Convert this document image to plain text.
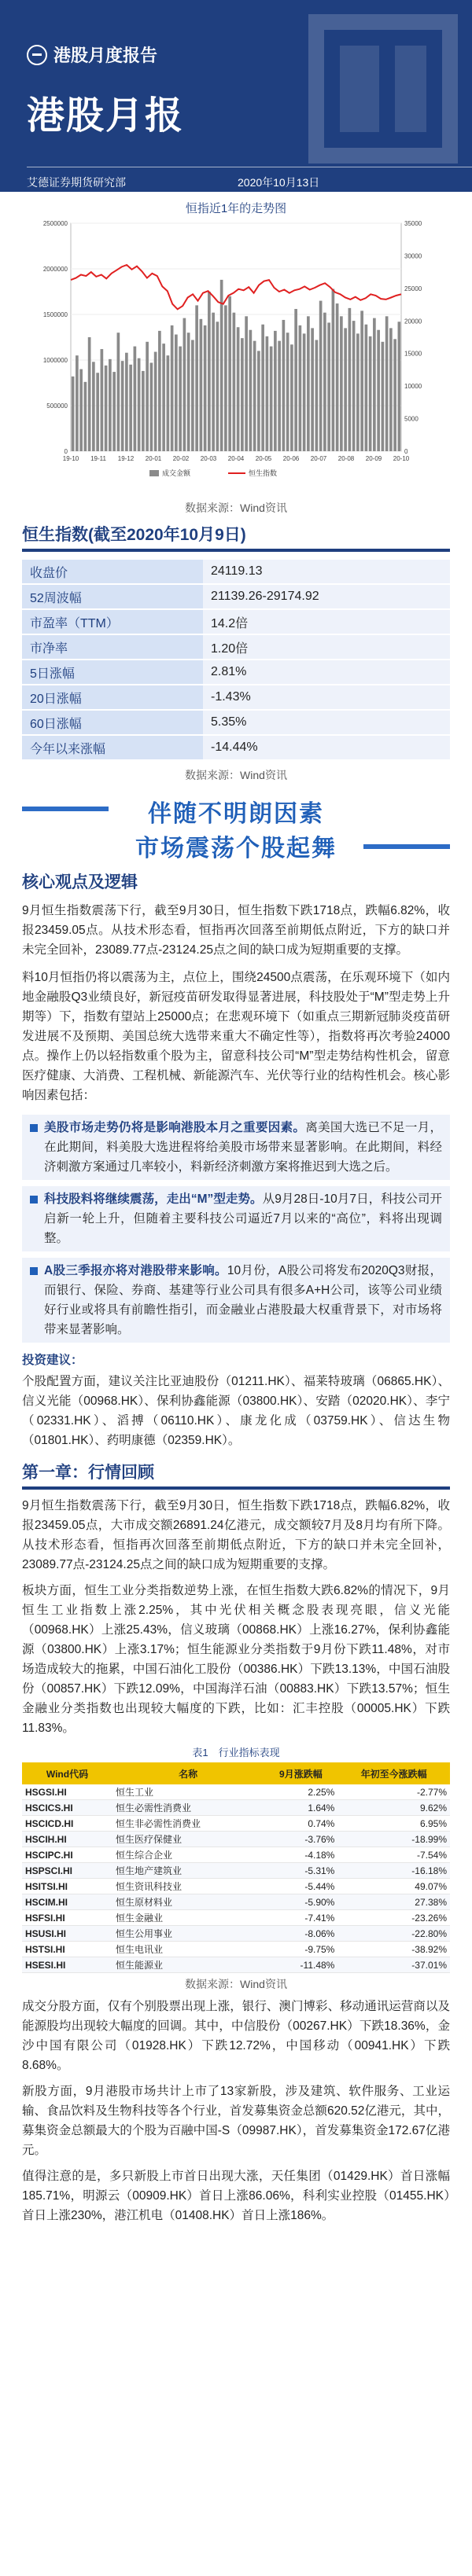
港股月度报告
港股月报
艾德证券期货研究部	2020年10月13日
恒指近1年的走势图
0
500000
1000000
1500000
2000000
2500000
0
5000
10000
15000
20000
25000
30000
35000
19-10 19-11 19-12 20-01 20-02 20-03 20-04 20-05 20-06 20-07 20-08 20-09 20-10
成交金额	恒生指数
数据来源：Wind资讯
恒生指数(截至2020年10月9日)
收盘价	24119.13
52周波幅	21139.26-29174.92
市盈率（TTM）	14.2倍
市净率	1.20倍
5日涨幅	2.81%
20日涨幅	-1.43%
60日涨幅	5.35%
今年以来涨幅	-14.44%
数据来源：Wind资讯
伴随不明朗因素
市场震荡个股起舞
核心观点及逻辑

9月恒生指数震荡下行，截至9月30日，恒生指数下跌1718点，跌幅6.82%，收报23459.05点。从技术形态看，恒指再次回落至前期低点附近，下方的缺口并未完全回补，23089.77点-23124.25点之间的缺口成为短期重要的支撑。

料10月恒指仍将以震荡为主，点位上，围绕24500点震荡，在乐观环境下（如内地金融股Q3业绩良好，新冠疫苗研发取得显著进展，科技股处于“M”型走势上升期等）下，指数有望站上25000点；在悲观环境下（如重点三期新冠肺炎疫苗研发进展不及预期、美国总统大选带来重大不确定性等），指数将再次考验24000点。操作上仍以轻指数重个股为主，留意科技公司“M”型走势结构性机会，留意医疗健康、大消费、工程机械、新能源汽车、光伏等行业的结构性机会。核心影响因素包括：

美股市场走势仍将是影响港股本月之重要因素。离美国大选已不足一月，在此期间，料美股大选进程将给美股市场带来显著影响。在此期间，料经济刺激方案通过几率较小，料新经济刺激方案将推迟到大选之后。
科技股料将继续震荡，走出“M”型走势。从9月28日-10月7日，科技公司开启新一轮上升，但随着主要科技公司逼近7月以来的“高位”，料将出现调整。
A股三季报亦将对港股带来影响。10月份，A股公司将发布2020Q3财报，而银行、保险、券商、基建等行业公司具有很多A+H公司，该等公司业绩好行业或将具有前瞻性指引，而金融业占港股最大权重背景下，对市场将带来显著影响。
投资建议：

个股配置方面，建议关注比亚迪股份（01211.HK）、福莱特玻璃（06865.HK）、信义光能（00968.HK）、保利协鑫能源（03800.HK）、安踏（02020.HK）、李宁（02331.HK）、滔搏（06110.HK）、康龙化成（03759.HK）、信达生物（01801.HK）、药明康德（02359.HK）。

第一章：行情回顾

9月恒生指数震荡下行，截至9月30日，恒生指数下跌1718点，跌幅6.82%，收报23459.05点，大市成交额26891.24亿港元，成交额较7月及8月均有所下降。从技术形态看，恒指再次回落至前期低点附近，下方的缺口并未完全回补，23089.77点-23124.25点之间的缺口成为短期重要的支撑。

板块方面，恒生工业分类指数逆势上涨，在恒生指数大跌6.82%的情况下，9月恒生工业指数上涨2.25%，其中光伏相关概念股表现亮眼，信义光能（00968.HK）上涨25.43%，信义玻璃（00868.HK）上涨16.27%，保利协鑫能源（03800.HK）上涨3.17%；恒生能源业分类指数于9月份下跌11.48%，对市场造成较大的拖累，中国石油化工股份（00386.HK）下跌13.13%，中国石油股份（00857.HK）下跌12.09%，中国海洋石油（00883.HK）下跌13.57%；恒生金融业分类指数也出现较大幅度的下跌，比如：汇丰控股（00005.HK）下跌11.83%。

表1　行业指标表现
Wind代码	名称	9月涨跌幅	年初至今涨跌幅
HSGSI.HI	恒生工业	2.25%	-2.77%
HSCICS.HI	恒生必需性消费业	1.64%	9.62%
HSCICD.HI	恒生非必需性消费业	0.74%	6.95%
HSCIH.HI	恒生医疗保健业	-3.76%	-18.99%
HSCIPC.HI	恒生综合企业	-4.18%	-7.54%
HSPSCI.HI	恒生地产建筑业	-5.31%	-16.18%
HSITSI.HI	恒生资讯科技业	-5.44%	49.07%
HSCIM.HI	恒生原材料业	-5.90%	27.38%
HSFSI.HI	恒生金融业	-7.41%	-23.26%
HSUSI.HI	恒生公用事业	-8.06%	-22.80%
HSTSI.HI	恒生电讯业	-9.75%	-38.92%
HSESI.HI	恒生能源业	-11.48%	-37.01%
数据来源：Wind资讯

成交分股方面，仅有个别股票出现上涨，银行、澳门博彩、移动通讯运营商以及能源股均出现较大幅度的回调。其中，中信股份（00267.HK）下跌18.36%，金沙中国有限公司（01928.HK）下跌12.72%，中国移动（00941.HK）下跌8.68%。

新股方面，9月港股市场共计上市了13家新股，涉及建筑、软件服务、工业运输、食品饮料及生物科技等各个行业，首发募集资金总额620.52亿港元，其中，募集资金总额最大的个股为百融中国-S（09987.HK），首发募集资金172.67亿港元。

值得注意的是，多只新股上市首日出现大涨，天任集团（01429.HK）首日涨幅185.71%，明源云（00909.HK）首日上涨86.06%，科利实业控股（01455.HK）首日上涨230%，港江机电（01408.HK）首日上涨186%。
